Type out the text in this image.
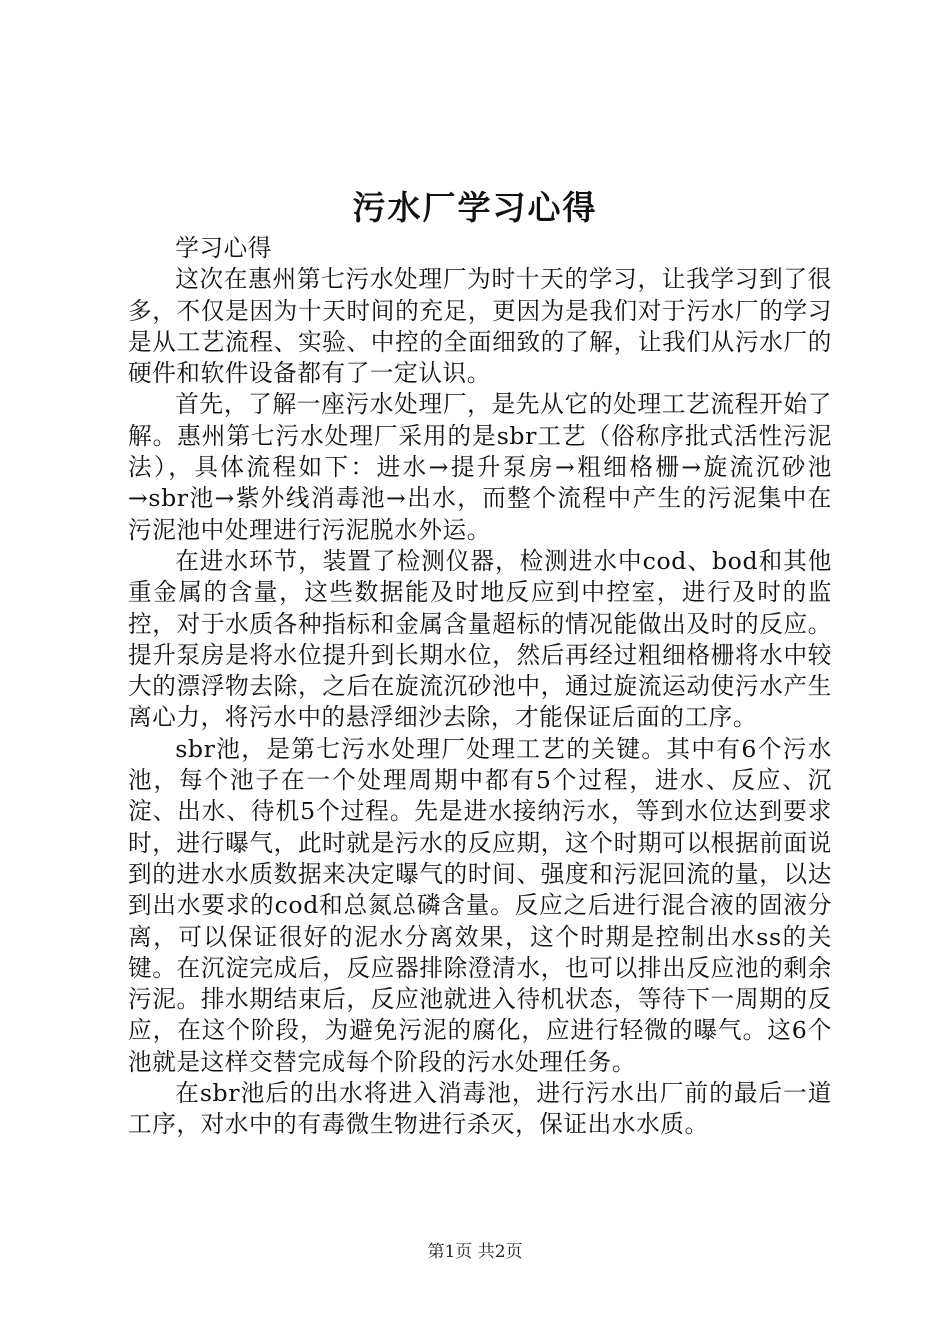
污水厂学习心得

学习心得

这次在惠州第七污水处理厂为时十天的学习，让我学习到了很多，不仅是因为十天时间的充足，更因为是我们对于污水厂的学习是从工艺流程、实验、中控的全面细致的了解，让我们从污水厂的硬件和软件设备都有了一定认识。

首先，了解一座污水处理厂，是先从它的处理工艺流程开始了解。惠州第七污水处理厂采用的是sbr工艺（俗称序批式活性污泥法），具体流程如下：进水→提升泵房→粗细格栅→旋流沉砂池→sbr池→紫外线消毒池→出水，而整个流程中产生的污泥集中在污泥池中处理进行污泥脱水外运。

在进水环节，装置了检测仪器，检测进水中cod、bod和其他重金属的含量，这些数据能及时地反应到中控室，进行及时的监控，对于水质各种指标和金属含量超标的情况能做出及时的反应。提升泵房是将水位提升到长期水位，然后再经过粗细格栅将水中较大的漂浮物去除，之后在旋流沉砂池中，通过旋流运动使污水产生离心力，将污水中的悬浮细沙去除，才能保证后面的工序。

sbr池，是第七污水处理厂处理工艺的关键。其中有6个污水池，每个池子在一个处理周期中都有5个过程，进水、反应、沉淀、出水、待机5个过程。先是进水接纳污水，等到水位达到要求时，进行曝气，此时就是污水的反应期，这个时期可以根据前面说到的进水水质数据来决定曝气的时间、强度和污泥回流的量，以达到出水要求的cod和总氮总磷含量。反应之后进行混合液的固液分离，可以保证很好的泥水分离效果，这个时期是控制出水ss的关键。在沉淀完成后，反应器排除澄清水，也可以排出反应池的剩余污泥。排水期结束后，反应池就进入待机状态，等待下一周期的反应，在这个阶段，为避免污泥的腐化，应进行轻微的曝气。这6个池就是这样交替完成每个阶段的污水处理任务。

在sbr池后的出水将进入消毒池，进行污水出厂前的最后一道工序，对水中的有毒微生物进行杀灭，保证出水水质。

第1页 共2页
